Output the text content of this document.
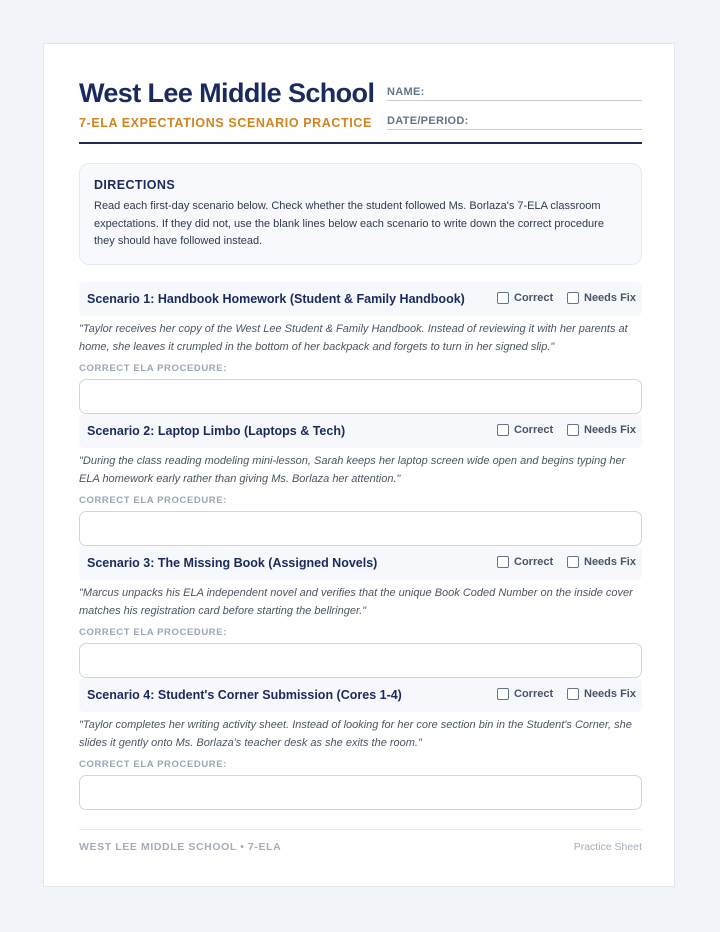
West Lee Middle School
7-ELA EXPECTATIONS SCENARIO PRACTICE
NAME:
DATE/PERIOD:
DIRECTIONS
Read each first-day scenario below. Check whether the student followed Ms. Borlaza's 7-ELA classroom expectations. If they did not, use the blank lines below each scenario to write down the correct procedure they should have followed instead.
Scenario 1: Handbook Homework (Student & Family Handbook)	Correct	Needs Fix
"Taylor receives her copy of the West Lee Student & Family Handbook. Instead of reviewing it with her parents at home, she leaves it crumpled in the bottom of her backpack and forgets to turn in her signed slip."
CORRECT ELA PROCEDURE:
Scenario 2: Laptop Limbo (Laptops & Tech)	Correct	Needs Fix
"During the class reading modeling mini-lesson, Sarah keeps her laptop screen wide open and begins typing her ELA homework early rather than giving Ms. Borlaza her attention."
CORRECT ELA PROCEDURE:
Scenario 3: The Missing Book (Assigned Novels)	Correct	Needs Fix
"Marcus unpacks his ELA independent novel and verifies that the unique Book Coded Number on the inside cover matches his registration card before starting the bellringer."
CORRECT ELA PROCEDURE:
Scenario 4: Student's Corner Submission (Cores 1-4)	Correct	Needs Fix
"Taylor completes her writing activity sheet. Instead of looking for her core section bin in the Student's Corner, she slides it gently onto Ms. Borlaza's teacher desk as she exits the room."
CORRECT ELA PROCEDURE:
WEST LEE MIDDLE SCHOOL • 7-ELA	Practice Sheet
